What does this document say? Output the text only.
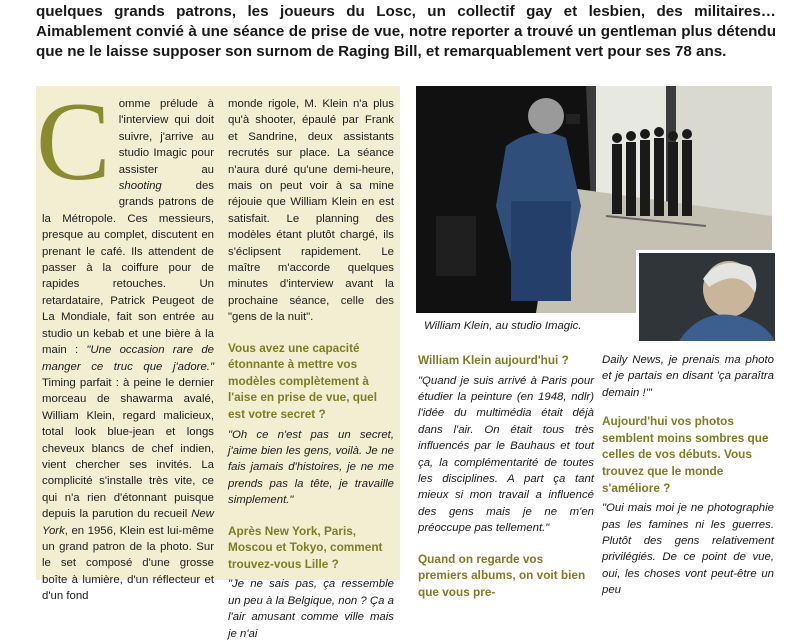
quelques grands patrons, les joueurs du Losc, un collectif gay et lesbien, des militaires… Aimablement convié à une séance de prise de vue, notre reporter a trouvé un gentleman plus détendu que ne le laisse supposer son surnom de Raging Bill, et remarquablement vert pour ses 78 ans.
C omme prélude à l'interview qui doit suivre, j'arrive au studio Imagic pour assister au shooting des grands patrons de la Métropole. Ces messieurs, presque au complet, discutent en prenant le café. Ils attendent de passer à la coiffure pour de rapides retouches. Un retardataire, Patrick Peugeot de La Mondiale, fait son entrée au studio un kebab et une bière à la main : "Une occasion rare de manger ce truc que j'adore." Timing parfait : à peine le dernier morceau de shawarma avalé, William Klein, regard malicieux, total look blue-jean et longs cheveux blancs de chef indien, vient chercher ses invités. La complicité s'installe très vite, ce qui n'a rien d'étonnant puisque depuis la parution du recueil New York, en 1956, Klein est lui-même un grand patron de la photo. Sur le set composé d'une grosse boîte à lumière, d'un réflecteur et d'un fond

monde rigole, M. Klein n'a plus qu'à shooter, épaulé par Frank et Sandrine, deux assistants recrutés sur place. La séance n'aura duré qu'une demi-heure, mais on peut voir à sa mine réjouie que William Klein en est satisfait. Le planning des modèles étant plutôt chargé, ils s'éclipsent rapidement. Le maître m'accorde quelques minutes d'interview avant la prochaine séance, celle des "gens de la nuit".

Vous avez une capacité étonnante à mettre vos modèles complètement à l'aise en prise de vue, quel est votre secret ?

"Oh ce n'est pas un secret, j'aime bien les gens, voilà. Je ne fais jamais d'histoires, je ne me prends pas la tête, je travaille simplement."

Après New York, Paris, Moscou et Tokyo, comment trouvez-vous Lille ?

"Je ne sais pas, ça ressemble un peu à la Belgique, non ? Ça a l'air amusant comme ville mais je n'ai

William Klein, au studio Imagic.

William Klein aujourd'hui ?

"Quand je suis arrivé à Paris pour étudier la peinture (en 1948, ndlr) l'idée du multimédia était déjà dans l'air. On était tous très influencés par le Bauhaus et tout ça, la complémentarité de toutes les disciplines. A part ça tant mieux si mon travail a influencé des gens mais je ne m'en préoccupe pas tellement."

Quand on regarde vos premiers albums, on voit bien que vous pre-

Daily News, je prenais ma photo et je partais en disant 'ça paraîtra demain !'"

Aujourd'hui vos photos semblent moins sombres que celles de vos débuts. Vous trouvez que le monde s'améliore ?

"Oui mais moi je ne photographie pas les famines ni les guerres. Plutôt des gens relativement privilégiés. De ce point de vue, oui, les choses vont peut-être un peu
